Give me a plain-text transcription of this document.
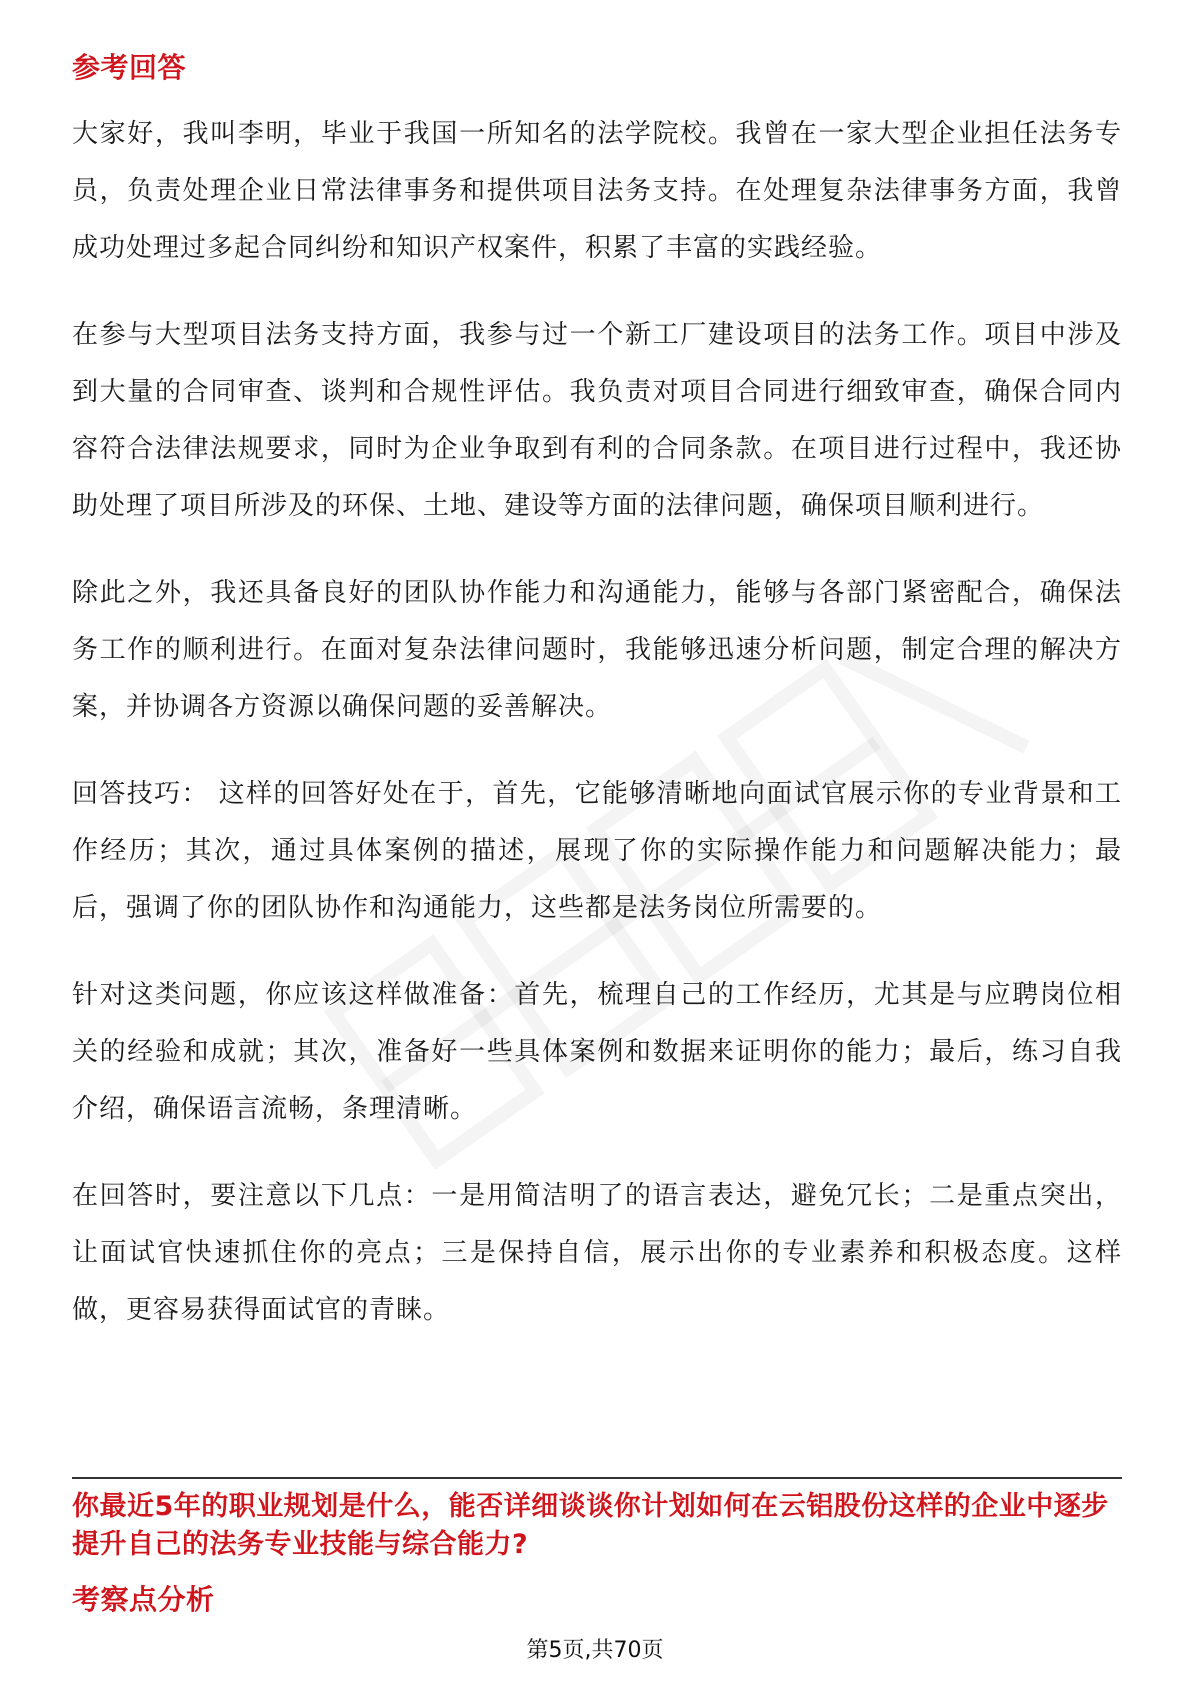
参考回答

大家好，我叫李明，毕业于我国一所知名的法学院校。我曾在一家大型企业担任法务专员，负责处理企业日常法律事务和提供项目法务支持。在处理复杂法律事务方面，我曾成功处理过多起合同纠纷和知识产权案件，积累了丰富的实践经验。

在参与大型项目法务支持方面，我参与过一个新工厂建设项目的法务工作。项目中涉及到大量的合同审查、谈判和合规性评估。我负责对项目合同进行细致审查，确保合同内容符合法律法规要求，同时为企业争取到有利的合同条款。在项目进行过程中，我还协助处理了项目所涉及的环保、土地、建设等方面的法律问题，确保项目顺利进行。

除此之外，我还具备良好的团队协作能力和沟通能力，能够与各部门紧密配合，确保法务工作的顺利进行。在面对复杂法律问题时，我能够迅速分析问题，制定合理的解决方案，并协调各方资源以确保问题的妥善解决。

回答技巧： 这样的回答好处在于，首先，它能够清晰地向面试官展示你的专业背景和工作经历；其次，通过具体案例的描述，展现了你的实际操作能力和问题解决能力；最后，强调了你的团队协作和沟通能力，这些都是法务岗位所需要的。

针对这类问题，你应该这样做准备：首先，梳理自己的工作经历，尤其是与应聘岗位相关的经验和成就；其次，准备好一些具体案例和数据来证明你的能力；最后，练习自我介绍，确保语言流畅，条理清晰。

在回答时，要注意以下几点：一是用简洁明了的语言表达，避免冗长；二是重点突出，让面试官快速抓住你的亮点；三是保持自信，展示出你的专业素养和积极态度。这样做，更容易获得面试官的青睐。

你最近5年的职业规划是什么，能否详细谈谈你计划如何在云铝股份这样的企业中逐步提升自己的法务专业技能与综合能力?
考察点分析
第5页,共70页
